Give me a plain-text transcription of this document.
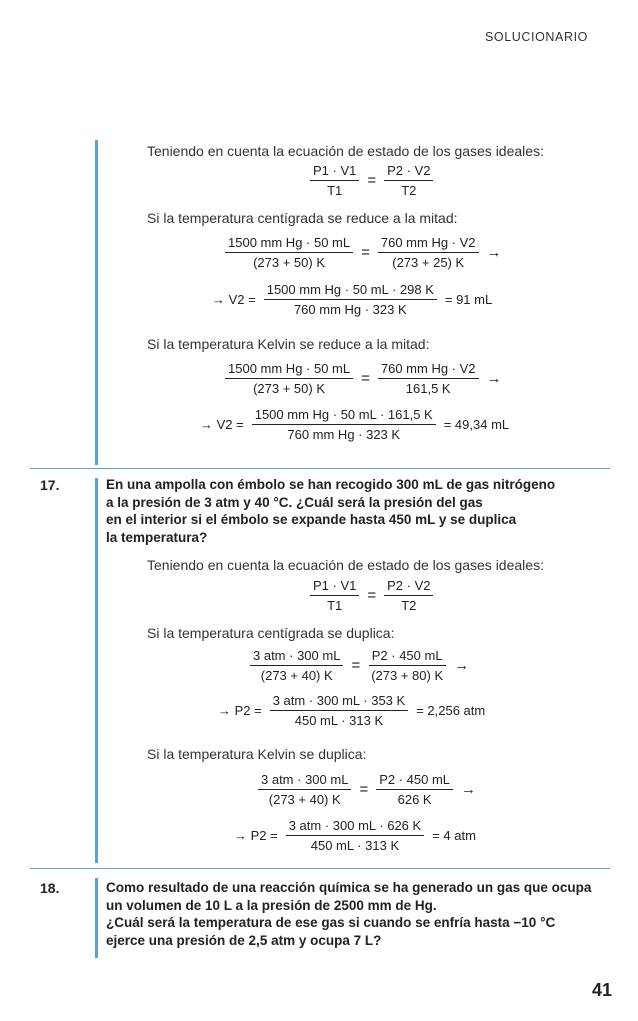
SOLUCIONARIO
Teniendo en cuenta la ecuación de estado de los gases ideales:
$\frac{P1 \cdot V1}{T1} = \frac{P2 \cdot V2}{T2}$
Si la temperatura centígrada se reduce a la mitad:
$\frac{\text{1500 mm Hg · 50 mL}}{(273 + 50) K} = \frac{\text{760 mm Hg · V2}}{(273 + 25) K}$ →
→ $V2 = \frac{\text{1500 mm Hg · 50 mL · 298 K}}{\text{760 mm Hg · 323 K}} = 91$ mL
Si la temperatura Kelvin se reduce a la mitad:
$\frac{\text{1500 mm Hg · 50 mL}}{(273 + 50) K} = \frac{\text{760 mm Hg · V2}}{161,5 K}$ →
→ $V2 = \frac{\text{1500 mm Hg · 50 mL · 161,5 K}}{\text{760 mm Hg · 323 K}} = 49,34$ mL
17.	En una ampolla con émbolo se han recogido 300 mL de gas nitrógeno
a la presión de 3 atm y 40 °C. ¿Cuál será la presión del gas
en el interior si el émbolo se expande hasta 450 mL y se duplica
la temperatura?
Teniendo en cuenta la ecuación de estado de los gases ideales:
$\frac{P1 \cdot V1}{T1} = \frac{P2 \cdot V2}{T2}$
Si la temperatura centígrada se duplica:
$\frac{\text{3 atm · 300 mL}}{(273 + 40) K} = \frac{P2 \cdot 450 mL}{(273 + 80) K}$ →
→ $P2 = \frac{\text{3 atm · 300 mL · 353 K}}{450 mL \cdot 313 K} = 2,256$ atm
Si la temperatura Kelvin se duplica:
$\frac{\text{3 atm · 300 mL}}{(273 + 40) K} = \frac{P2 \cdot 450 mL}{626 K}$ →
→ $P2 = \frac{\text{3 atm · 300 mL · 626 K}}{450 mL \cdot 313 K} = 4$ atm
18.	Como resultado de una reacción química se ha generado un gas que ocupa
un volumen de 10 L a la presión de 2500 mm de Hg.
¿Cuál será la temperatura de ese gas si cuando se enfría hasta −10 °C
ejerce una presión de 2,5 atm y ocupa 7 L?
41
